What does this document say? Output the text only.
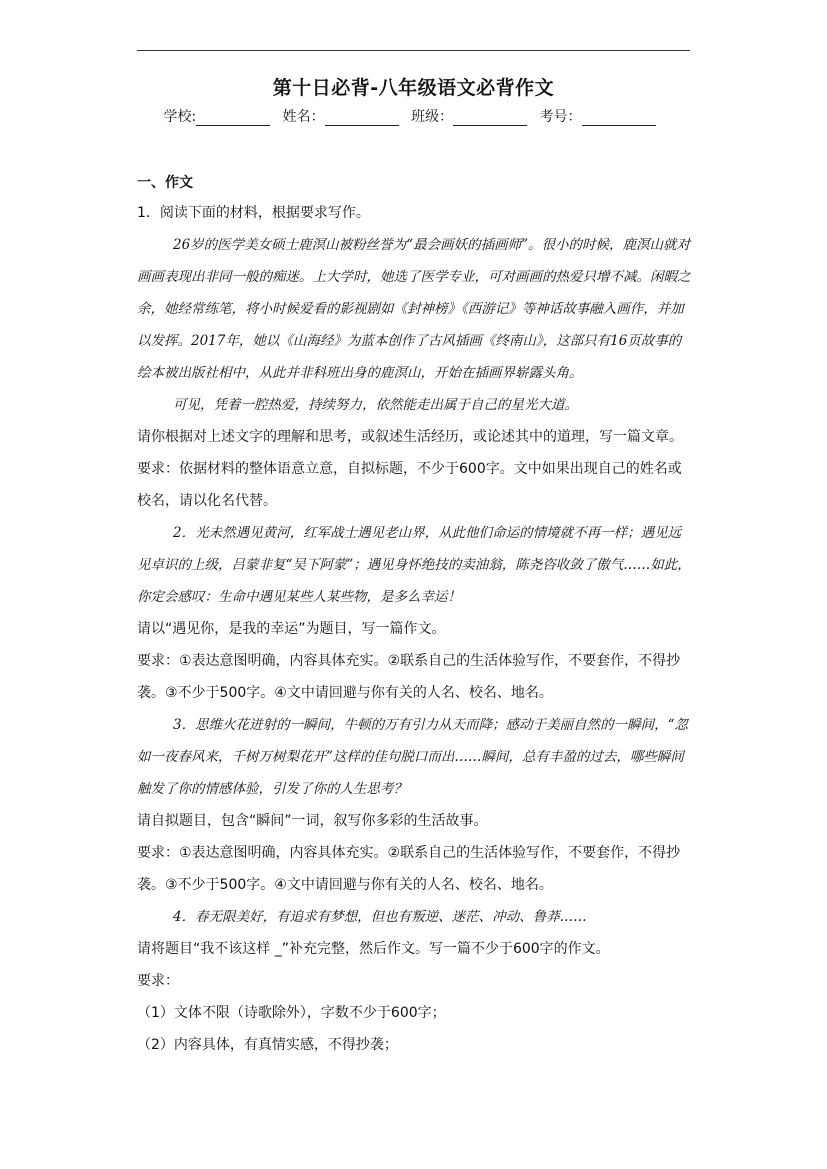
第十日必背-八年级语文必背作文
学校:	姓名：	班级：	考号：
一、作文

1．阅读下面的材料，根据要求写作。

26岁的医学美女硕士鹿溟山被粉丝誉为“最会画妖的插画师”。很小的时候，鹿溟山就对画画表现出非同一般的痴迷。上大学时，她选了医学专业，可对画画的热爱只增不减。闲暇之余，她经常练笔，将小时候爱看的影视剧如《封神榜》《西游记》等神话故事融入画作，并加以发挥。2017年，她以《山海经》为蓝本创作了古风插画《终南山》，这部只有16页故事的绘本被出版社相中，从此并非科班出身的鹿溟山，开始在插画界崭露头角。

可见，凭着一腔热爱，持续努力，依然能走出属于自己的星光大道。

请你根据对上述文字的理解和思考，或叙述生活经历，或论述其中的道理，写一篇文章。

要求：依据材料的整体语意立意，自拟标题，不少于600字。文中如果出现自己的姓名或校名，请以化名代替。

2．光未然遇见黄河，红军战士遇见老山界，从此他们命运的情境就不再一样；遇见远见卓识的上级，吕蒙非复“吴下阿蒙”；遇见身怀绝技的卖油翁，陈尧咨收敛了傲气……如此，你定会感叹：生命中遇见某些人某些物，是多么幸运！

请以“遇见你，是我的幸运”为题目，写一篇作文。

要求：①表达意图明确，内容具体充实。②联系自己的生活体验写作，不要套作，不得抄袭。③不少于500字。④文中请回避与你有关的人名、校名、地名。

3．思维火花迸射的一瞬间，牛顿的万有引力从天而降；感动于美丽自然的一瞬间，“忽如一夜春风来，千树万树梨花开”这样的佳句脱口而出……瞬间，总有丰盈的过去，哪些瞬间触发了你的情感体验，引发了你的人生思考？

请自拟题目，包含“瞬间”一词，叙写你多彩的生活故事。

要求：①表达意图明确，内容具体充实。②联系自己的生活体验写作，不要套作，不得抄袭。③不少于500字。④文中请回避与你有关的人名、校名、地名。

4．春无限美好，有追求有梦想，但也有叛逆、迷茫、冲动、鲁莽……

请将题目“我不该这样 _”补充完整，然后作文。写一篇不少于600字的作文。

要求：

（1）文体不限（诗歌除外），字数不少于600字；
（2）内容具体，有真情实感，不得抄袭；
